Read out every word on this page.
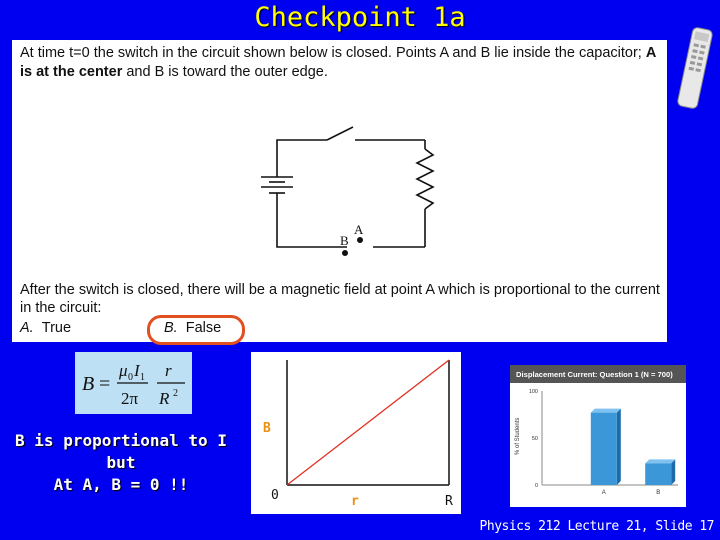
Checkpoint 1a
At time t=0 the switch in the circuit shown below is closed. Points A and B lie inside the capacitor; A is at the center and B is toward the outer edge.
A
B
After the switch is closed, there will be a magnetic field at point A which is proportional to the current in the circuit:
A. True	B. False
B =
μ 0 I 1
2π
r
R 2
B is proportional to I
but
At A, B = 0 !!
B
0	r	R
Displacement Current: Question 1 (N = 700)
% of Students
0
50
100
A	B
Physics 212 Lecture 21, Slide 17
